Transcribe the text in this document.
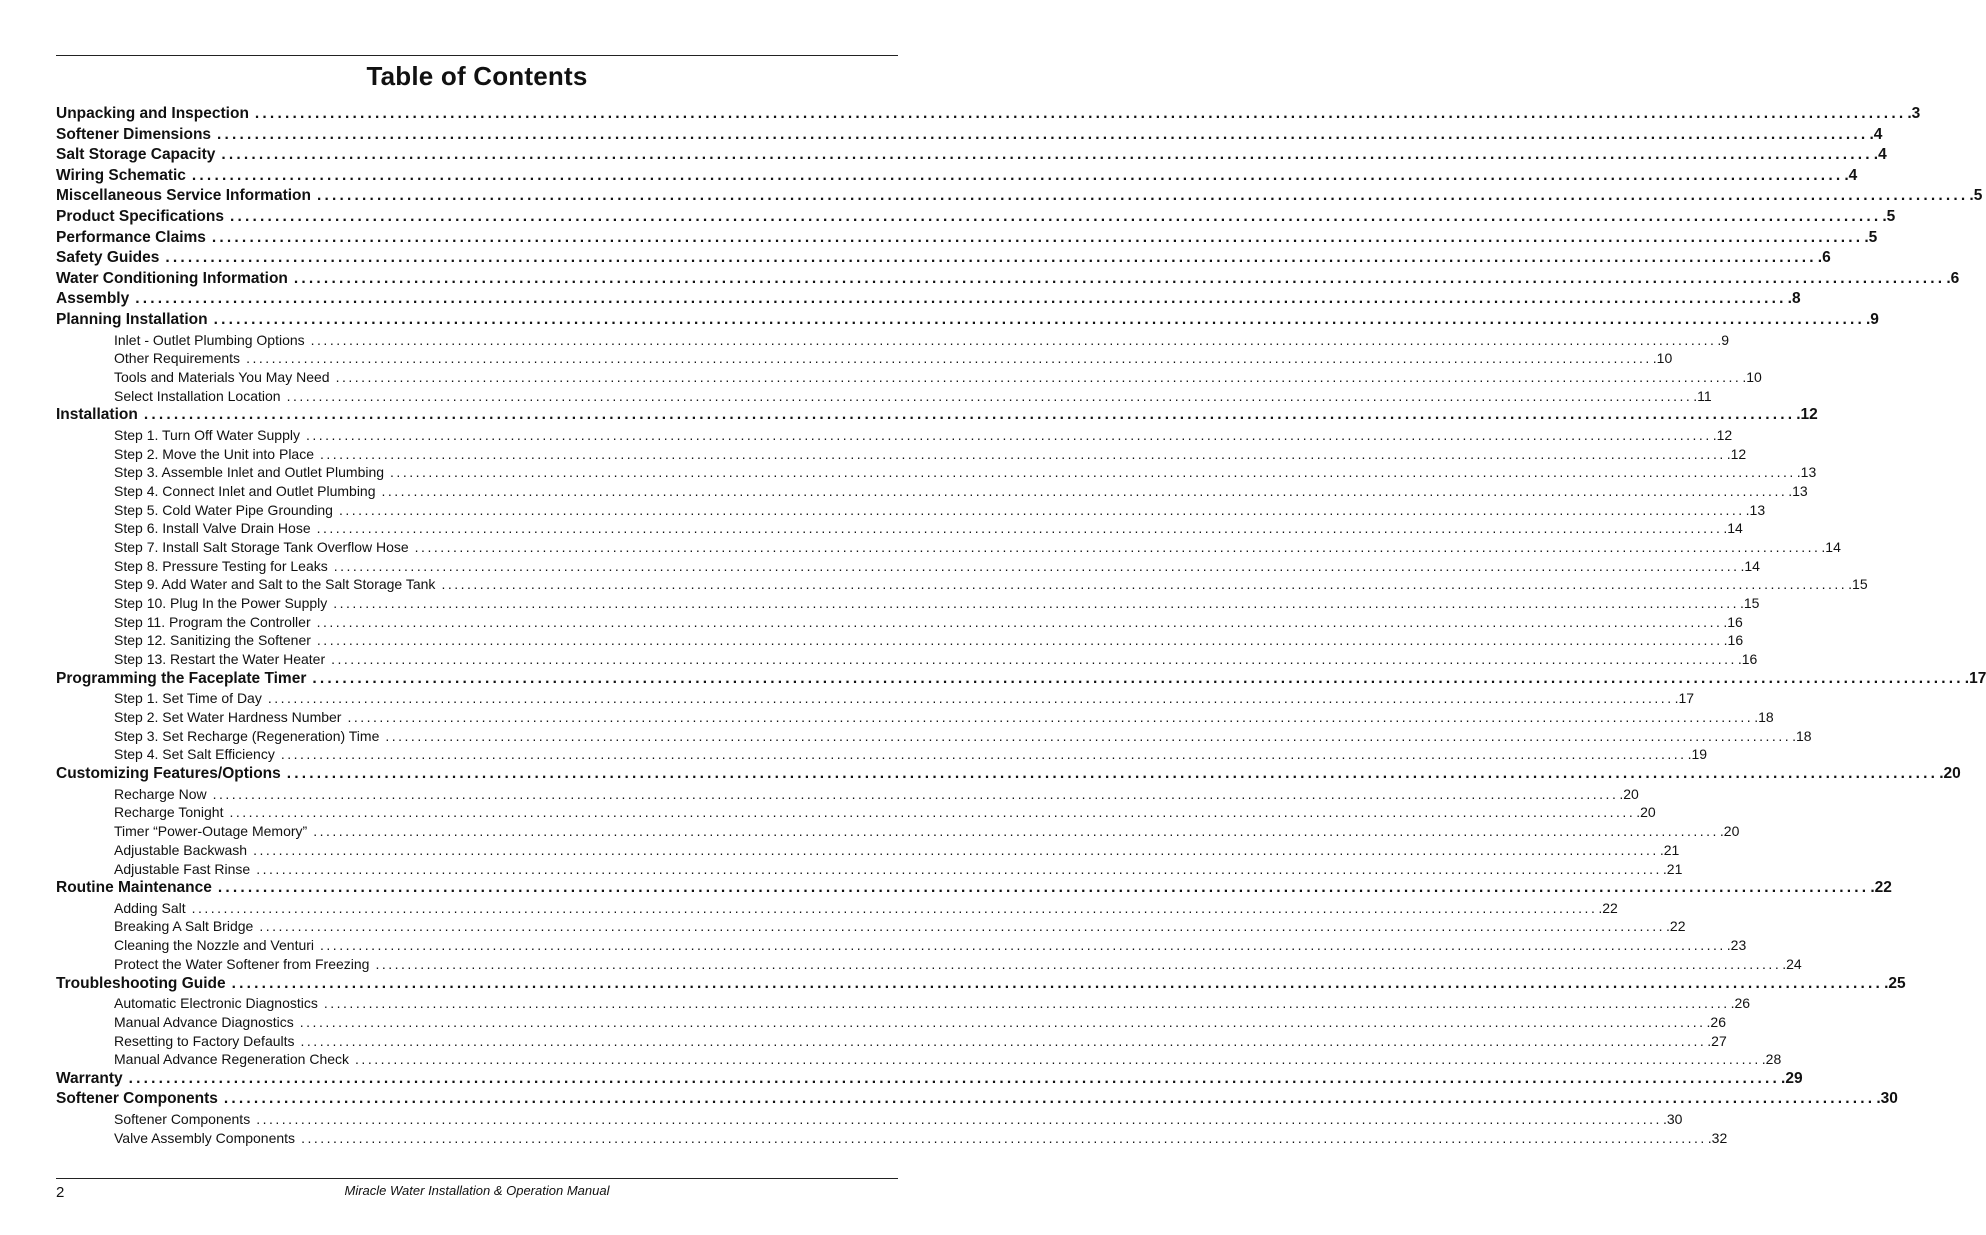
Table of Contents
Unpacking and Inspection ............................................................................................................................................................................................................................ .3
Softener Dimensions ............................................................................................................................................................................................................................ .4
Salt Storage Capacity ............................................................................................................................................................................................................................ .4
Wiring Schematic ............................................................................................................................................................................................................................ .4
Miscellaneous Service Information ............................................................................................................................................................................................................................ .5
Product Specifications ............................................................................................................................................................................................................................ .5
Performance Claims ............................................................................................................................................................................................................................ .5
Safety Guides ............................................................................................................................................................................................................................ .6
Water Conditioning Information ............................................................................................................................................................................................................................ .6
Assembly ............................................................................................................................................................................................................................ .8
Planning Installation ............................................................................................................................................................................................................................ .9
Inlet - Outlet Plumbing Options ............................................................................................................................................................................................................................ .9
Other Requirements ............................................................................................................................................................................................................................ .10
Tools and Materials You May Need ............................................................................................................................................................................................................................ .10
Select Installation Location ............................................................................................................................................................................................................................ .11
Installation ............................................................................................................................................................................................................................ .12
Step 1. Turn Off Water Supply ............................................................................................................................................................................................................................ .12
Step 2. Move the Unit into Place ............................................................................................................................................................................................................................ .12
Step 3. Assemble Inlet and Outlet Plumbing ............................................................................................................................................................................................................................ .13
Step 4. Connect Inlet and Outlet Plumbing ............................................................................................................................................................................................................................ .13
Step 5. Cold Water Pipe Grounding ............................................................................................................................................................................................................................ .13
Step 6. Install Valve Drain Hose ............................................................................................................................................................................................................................ .14
Step 7. Install Salt Storage Tank Overflow Hose ............................................................................................................................................................................................................................ .14
Step 8. Pressure Testing for Leaks ............................................................................................................................................................................................................................ .14
Step 9. Add Water and Salt to the Salt Storage Tank ............................................................................................................................................................................................................................ .15
Step 10. Plug In the Power Supply ............................................................................................................................................................................................................................ .15
Step 11. Program the Controller ............................................................................................................................................................................................................................ .16
Step 12. Sanitizing the Softener ............................................................................................................................................................................................................................ .16
Step 13. Restart the Water Heater ............................................................................................................................................................................................................................ .16
Programming the Faceplate Timer ............................................................................................................................................................................................................................ .17
Step 1. Set Time of Day ............................................................................................................................................................................................................................ .17
Step 2. Set Water Hardness Number ............................................................................................................................................................................................................................ .18
Step 3. Set Recharge (Regeneration) Time ............................................................................................................................................................................................................................ .18
Step 4. Set Salt Efficiency ............................................................................................................................................................................................................................ .19
Customizing Features/Options ............................................................................................................................................................................................................................ .20
Recharge Now ............................................................................................................................................................................................................................ .20
Recharge Tonight ............................................................................................................................................................................................................................ .20
Timer “Power-Outage Memory” ............................................................................................................................................................................................................................ .20
Adjustable Backwash ............................................................................................................................................................................................................................ .21
Adjustable Fast Rinse ............................................................................................................................................................................................................................ .21
Routine Maintenance ............................................................................................................................................................................................................................ .22
Adding Salt ............................................................................................................................................................................................................................ .22
Breaking A Salt Bridge ............................................................................................................................................................................................................................ .22
Cleaning the Nozzle and Venturi ............................................................................................................................................................................................................................ .23
Protect the Water Softener from Freezing ............................................................................................................................................................................................................................ .24
Troubleshooting Guide ............................................................................................................................................................................................................................ .25
Automatic Electronic Diagnostics ............................................................................................................................................................................................................................ .26
Manual Advance Diagnostics ............................................................................................................................................................................................................................ .26
Resetting to Factory Defaults ............................................................................................................................................................................................................................ .27
Manual Advance Regeneration Check ............................................................................................................................................................................................................................ .28
Warranty ............................................................................................................................................................................................................................ .29
Softener Components ............................................................................................................................................................................................................................ .30
Softener Components ............................................................................................................................................................................................................................ .30
Valve Assembly Components ............................................................................................................................................................................................................................ .32
2	Miracle Water Installation & Operation Manual
